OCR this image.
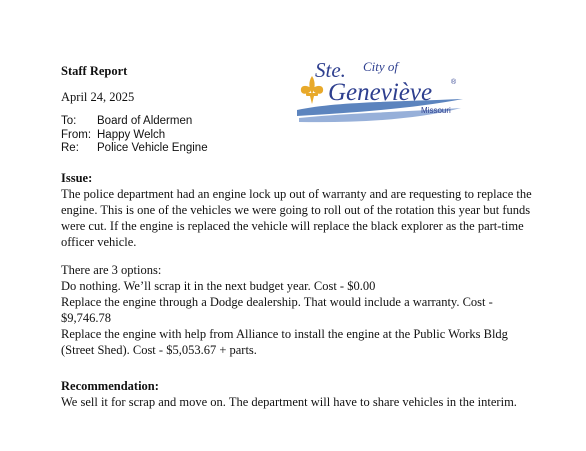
Staff Report
April 24, 2025
To:	Board of Aldermen
From: Happy Welch
Re:	Police Vehicle Engine
Ste. City of
Geneviève	®
Missouri

Issue:

The police department had an engine lock up out of warranty and are requesting to replace the engine. This is one of the vehicles we were going to roll out of the rotation this year but funds were cut. If the engine is replaced the vehicle will replace the black explorer as the part-time officer vehicle.

There are 3 options:

Do nothing. We’ll scrap it in the next budget year. Cost - $0.00

Replace the engine through a Dodge dealership. That would include a warranty. Cost - $9,746.78

Replace the engine with help from Alliance to install the engine at the Public Works Bldg (Street Shed). Cost - $5,053.67 + parts.

Recommendation:

We sell it for scrap and move on. The department will have to share vehicles in the interim.
